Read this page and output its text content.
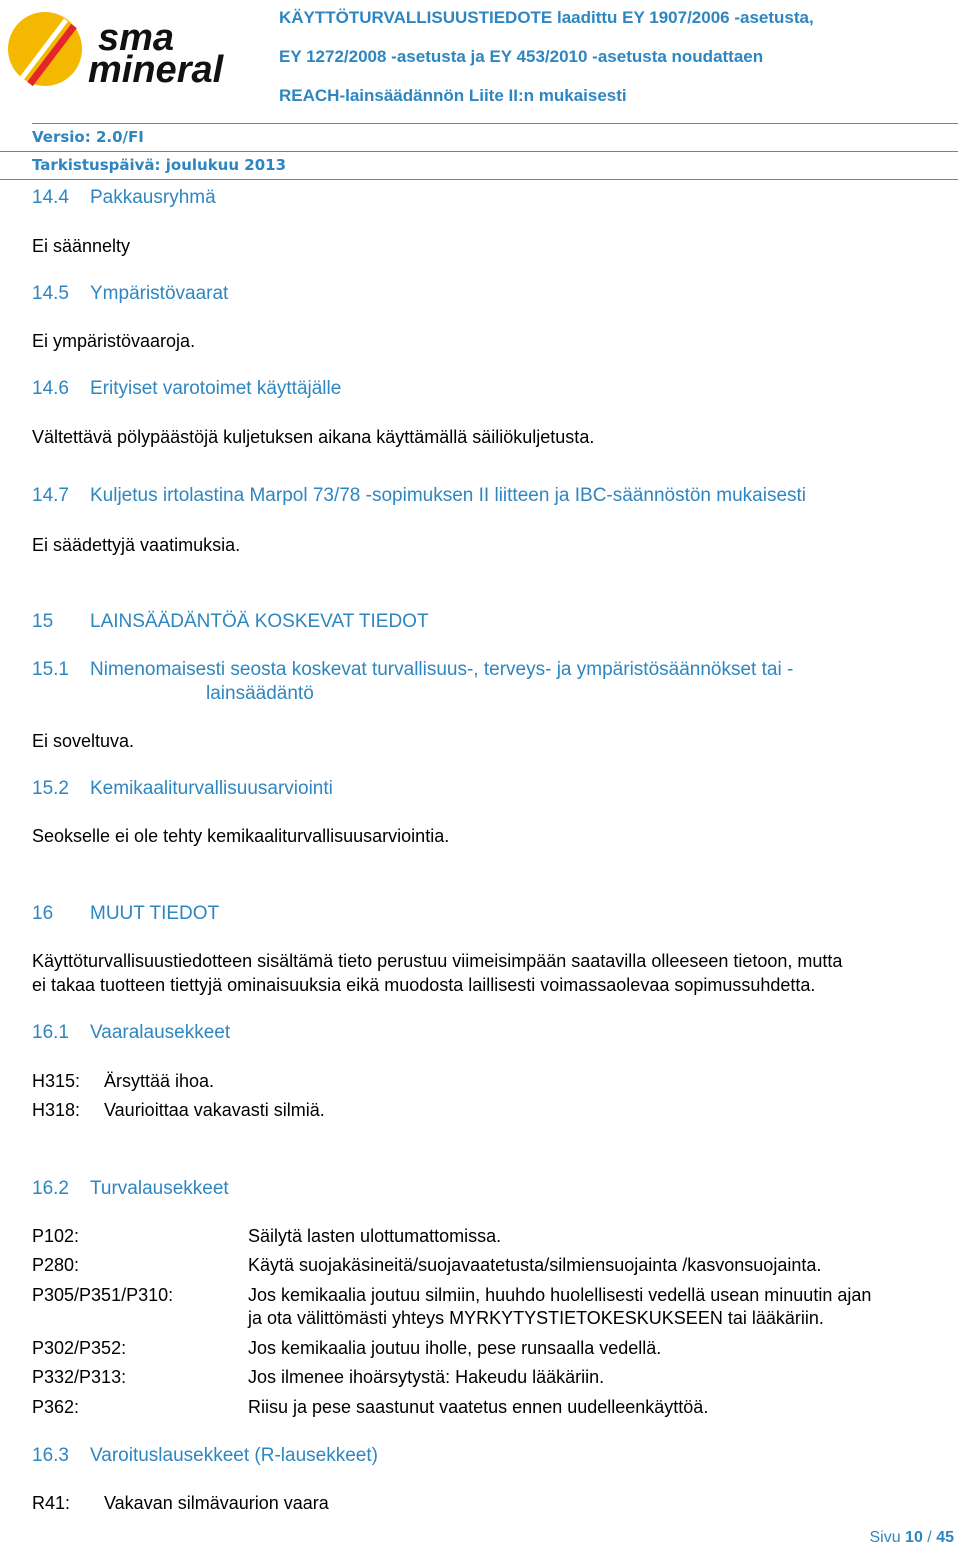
sma
mineral
KÄYTTÖTURVALLISUUSTIEDOTE laadittu EY 1907/2006 -asetusta,
EY 1272/2008 -asetusta ja EY 453/2010 -asetusta noudattaen
REACH-lainsäädännön Liite II:n mukaisesti
Versio: 2.0/FI
Tarkistuspäivä: joulukuu 2013
14.4 Pakkausryhmä
Ei säännelty
14.5 Ympäristövaarat
Ei ympäristövaaroja.
14.6 Erityiset varotoimet käyttäjälle
Vältettävä pölypäästöjä kuljetuksen aikana käyttämällä säiliökuljetusta.
14.7 Kuljetus irtolastina Marpol 73/78 -sopimuksen II liitteen ja IBC-säännöstön mukaisesti
Ei säädettyjä vaatimuksia.
15 LAINSÄÄDÄNTÖÄ KOSKEVAT TIEDOT
15.1 Nimenomaisesti seosta koskevat turvallisuus-, terveys- ja ympäristösäännökset tai -
lainsäädäntö
Ei soveltuva.
15.2 Kemikaaliturvallisuusarviointi
Seokselle ei ole tehty kemikaaliturvallisuusarviointia.
16 MUUT TIEDOT
Käyttöturvallisuustiedotteen sisältämä tieto perustuu viimeisimpään saatavilla olleeseen tietoon, mutta
ei takaa tuotteen tiettyjä ominaisuuksia eikä muodosta laillisesti voimassaolevaa sopimussuhdetta.
16.1 Vaaralausekkeet
H315: Ärsyttää ihoa.
H318: Vaurioittaa vakavasti silmiä.
16.2 Turvalausekkeet
P102:	Säilytä lasten ulottumattomissa.
P280:	Käytä suojakäsineitä/suojavaatetusta/silmiensuojainta /kasvonsuojainta.
P305/P351/P310:	Jos kemikaalia joutuu silmiin, huuhdo huolellisesti vedellä usean minuutin ajan
ja ota välittömästi yhteys MYRKYTYSTIETOKESKUKSEEN tai lääkäriin.
P302/P352:	Jos kemikaalia joutuu iholle, pese runsaalla vedellä.
P332/P313:	Jos ilmenee ihoärsytystä: Hakeudu lääkäriin.
P362:	Riisu ja pese saastunut vaatetus ennen uudelleenkäyttöä.
16.3 Varoituslausekkeet (R-lausekkeet)
R41: Vakavan silmävaurion vaara
Sivu 10 / 45
